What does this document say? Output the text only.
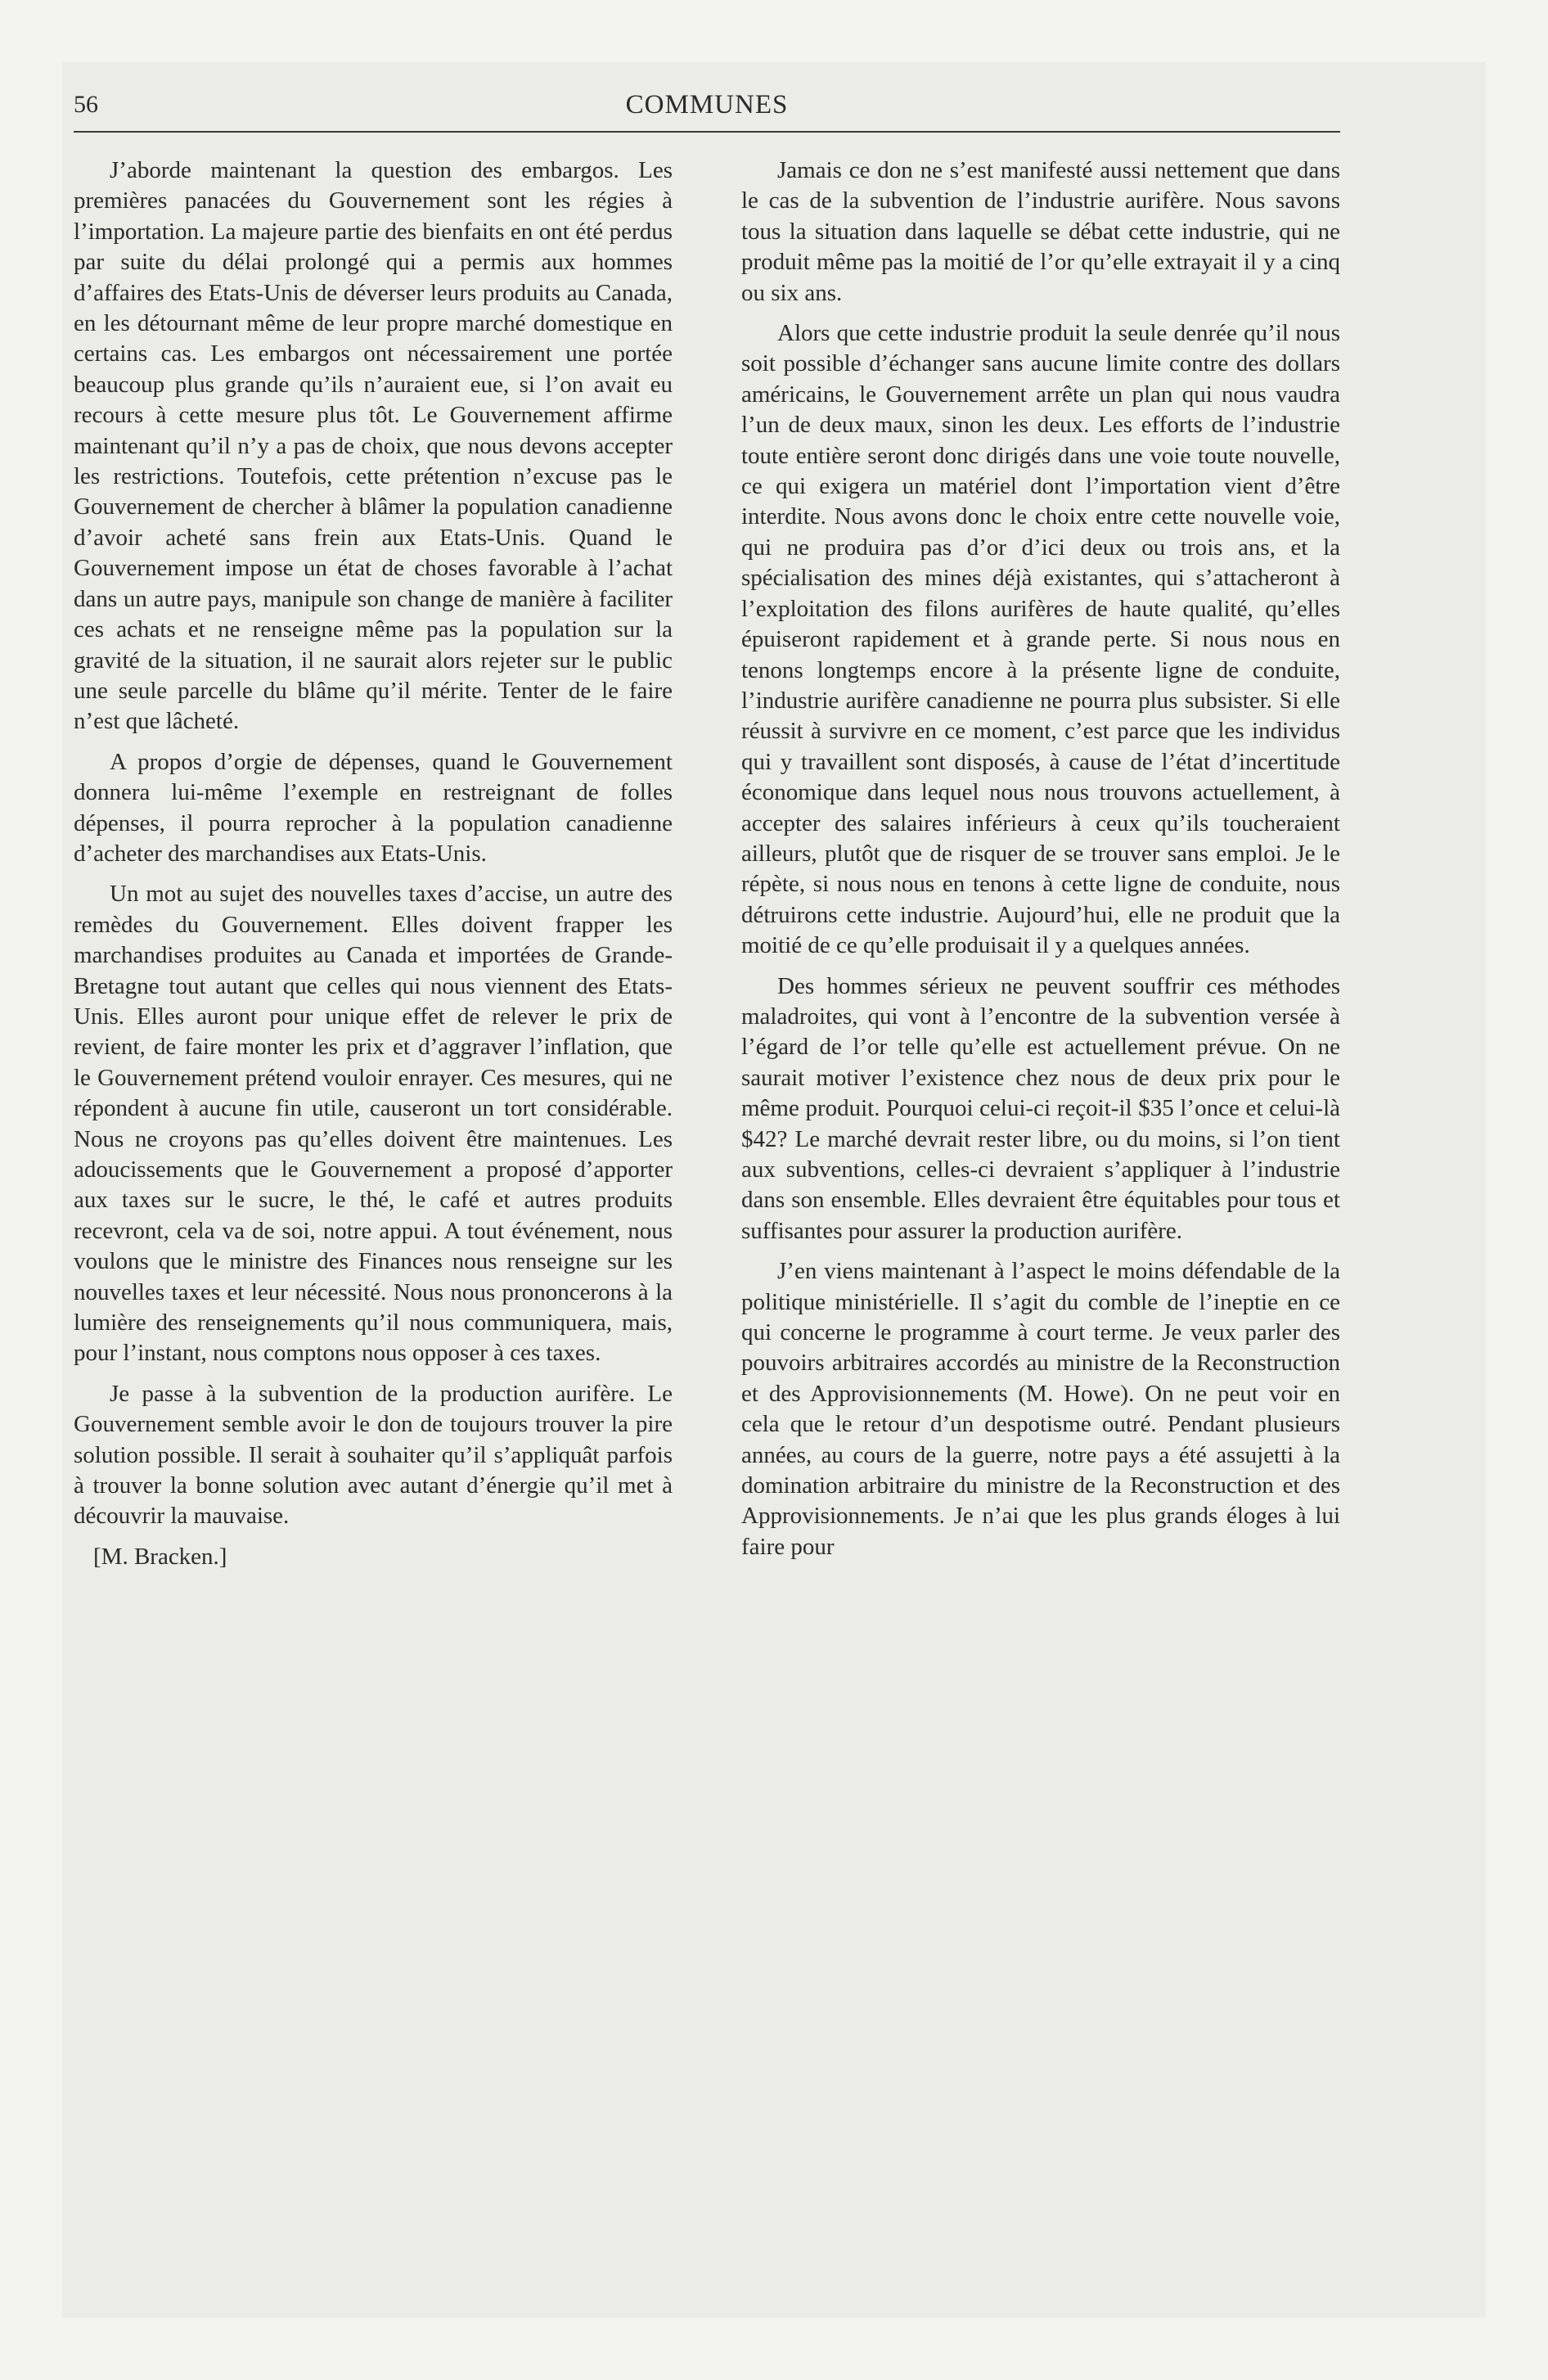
56	COMMUNES

J’aborde maintenant la question des embargos. Les premières panacées du Gouvernement sont les régies à l’importation. La majeure partie des bienfaits en ont été perdus par suite du délai prolongé qui a permis aux hommes d’affaires des Etats-Unis de déverser leurs produits au Canada, en les détournant même de leur propre marché domestique en certains cas. Les embargos ont nécessairement une portée beaucoup plus grande qu’ils n’auraient eue, si l’on avait eu recours à cette mesure plus tôt. Le Gouvernement affirme maintenant qu’il n’y a pas de choix, que nous devons accepter les restrictions. Toutefois, cette prétention n’excuse pas le Gouvernement de chercher à blâmer la population canadienne d’avoir acheté sans frein aux Etats-Unis. Quand le Gouvernement impose un état de choses favorable à l’achat dans un autre pays, manipule son change de manière à faciliter ces achats et ne renseigne même pas la population sur la gravité de la situation, il ne saurait alors rejeter sur le public une seule parcelle du blâme qu’il mérite. Tenter de le faire n’est que lâcheté.

A propos d’orgie de dépenses, quand le Gouvernement donnera lui-même l’exemple en restreignant de folles dépenses, il pourra reprocher à la population canadienne d’acheter des marchandises aux Etats-Unis.

Un mot au sujet des nouvelles taxes d’accise, un autre des remèdes du Gouvernement. Elles doivent frapper les marchandises produites au Canada et importées de Grande-Bretagne tout autant que celles qui nous viennent des Etats-Unis. Elles auront pour unique effet de relever le prix de revient, de faire monter les prix et d’aggraver l’inflation, que le Gouvernement prétend vouloir enrayer. Ces mesures, qui ne répondent à aucune fin utile, causeront un tort considérable. Nous ne croyons pas qu’elles doivent être maintenues. Les adoucissements que le Gouvernement a proposé d’apporter aux taxes sur le sucre, le thé, le café et autres produits recevront, cela va de soi, notre appui. A tout événement, nous voulons que le ministre des Finances nous renseigne sur les nouvelles taxes et leur nécessité. Nous nous prononcerons à la lumière des renseignements qu’il nous communiquera, mais, pour l’instant, nous comptons nous opposer à ces taxes.

Je passe à la subvention de la production aurifère. Le Gouvernement semble avoir le don de toujours trouver la pire solution possible. Il serait à souhaiter qu’il s’appliquât parfois à trouver la bonne solution avec autant d’énergie qu’il met à découvrir la mauvaise.

[M. Bracken.]

Jamais ce don ne s’est manifesté aussi nettement que dans le cas de la subvention de l’industrie aurifère. Nous savons tous la situation dans laquelle se débat cette industrie, qui ne produit même pas la moitié de l’or qu’elle extrayait il y a cinq ou six ans.

Alors que cette industrie produit la seule denrée qu’il nous soit possible d’échanger sans aucune limite contre des dollars américains, le Gouvernement arrête un plan qui nous vaudra l’un de deux maux, sinon les deux. Les efforts de l’industrie toute entière seront donc dirigés dans une voie toute nouvelle, ce qui exigera un matériel dont l’importation vient d’être interdite. Nous avons donc le choix entre cette nouvelle voie, qui ne produira pas d’or d’ici deux ou trois ans, et la spécialisation des mines déjà existantes, qui s’attacheront à l’exploitation des filons aurifères de haute qualité, qu’elles épuiseront rapidement et à grande perte. Si nous nous en tenons longtemps encore à la présente ligne de conduite, l’industrie aurifère canadienne ne pourra plus subsister. Si elle réussit à survivre en ce moment, c’est parce que les individus qui y travaillent sont disposés, à cause de l’état d’incertitude économique dans lequel nous nous trouvons actuellement, à accepter des salaires inférieurs à ceux qu’ils toucheraient ailleurs, plutôt que de risquer de se trouver sans emploi. Je le répète, si nous nous en tenons à cette ligne de conduite, nous détruirons cette industrie. Aujourd’hui, elle ne produit que la moitié de ce qu’elle produisait il y a quelques années.

Des hommes sérieux ne peuvent souffrir ces méthodes maladroites, qui vont à l’encontre de la subvention versée à l’égard de l’or telle qu’elle est actuellement prévue. On ne saurait motiver l’existence chez nous de deux prix pour le même produit. Pourquoi celui-ci reçoit-il $35 l’once et celui-là $42? Le marché devrait rester libre, ou du moins, si l’on tient aux subventions, celles-ci devraient s’appliquer à l’industrie dans son ensemble. Elles devraient être équitables pour tous et suffisantes pour assurer la production aurifère.

J’en viens maintenant à l’aspect le moins défendable de la politique ministérielle. Il s’agit du comble de l’ineptie en ce qui concerne le programme à court terme. Je veux parler des pouvoirs arbitraires accordés au ministre de la Reconstruction et des Approvisionnements (M. Howe). On ne peut voir en cela que le retour d’un despotisme outré. Pendant plusieurs années, au cours de la guerre, notre pays a été assujetti à la domination arbitraire du ministre de la Reconstruction et des Approvisionnements. Je n’ai que les plus grands éloges à lui faire pour
